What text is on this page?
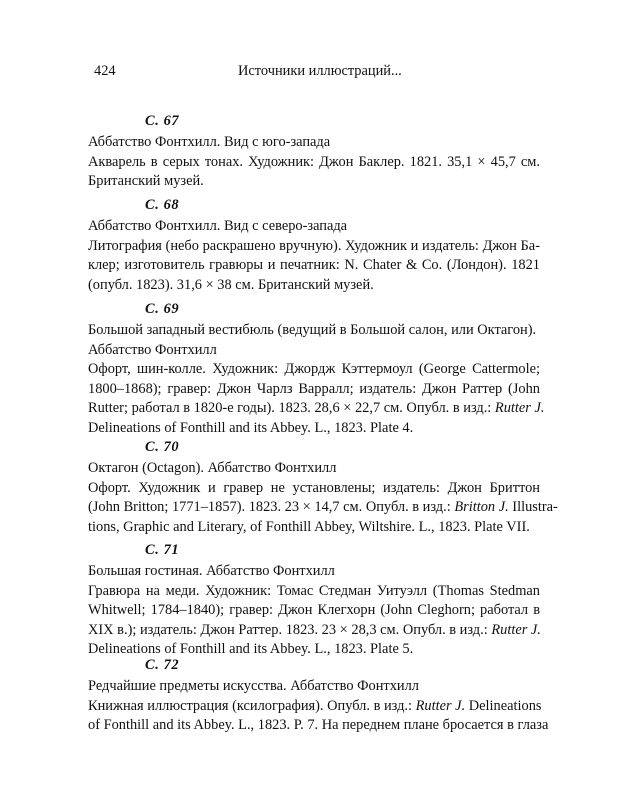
424	Источники иллюстраций...
С. 67
Аббатство Фонтхилл. Вид с юго-запада
Акварель в серых тонах. Художник: Джон Баклер. 1821. 35,1 × 45,7 см.
Британский музей.
С. 68
Аббатство Фонтхилл. Вид с северо-запада
Литография (небо раскрашено вручную). Художник и издатель: Джон Ба-
клер; изготовитель гравюры и печатник: N. Chater & Co. (Лондон). 1821
(опубл. 1823). 31,6 × 38 см. Британский музей.
С. 69
Большой западный вестибюль (ведущий в Большой салон, или Октагон).
Аббатство Фонтхилл
Офорт, шин-колле. Художник: Джордж Кэттермоул (George Cattermole;
1800–1868); гравер: Джон Чарлз Варралл; издатель: Джон Раттер (John
Rutter; работал в 1820-е годы). 1823. 28,6 × 22,7 см. Опубл. в изд.: Rutter J.
Delineations of Fonthill and its Abbey. L., 1823. Plate 4.
С. 70
Октагон (Octagon). Аббатство Фонтхилл
Офорт. Художник и гравер не установлены; издатель: Джон Бриттон
(John Britton; 1771–1857). 1823. 23 × 14,7 см. Опубл. в изд.: Britton J. Illustra-
tions, Graphic and Literary, of Fonthill Abbey, Wiltshire. L., 1823. Plate VII.
С. 71
Большая гостиная. Аббатство Фонтхилл
Гравюра на меди. Художник: Томас Стедман Уитуэлл (Thomas Stedman
Whitwell; 1784–1840); гравер: Джон Клегхорн (John Cleghorn; работал в
XIX в.); издатель: Джон Раттер. 1823. 23 × 28,3 см. Опубл. в изд.: Rutter J.
Delineations of Fonthill and its Abbey. L., 1823. Plate 5.
С. 72
Редчайшие предметы искусства. Аббатство Фонтхилл
Книжная иллюстрация (ксилография). Опубл. в изд.: Rutter J. Delineations
of Fonthill and its Abbey. L., 1823. P. 7. На переднем плане бросается в глаза
